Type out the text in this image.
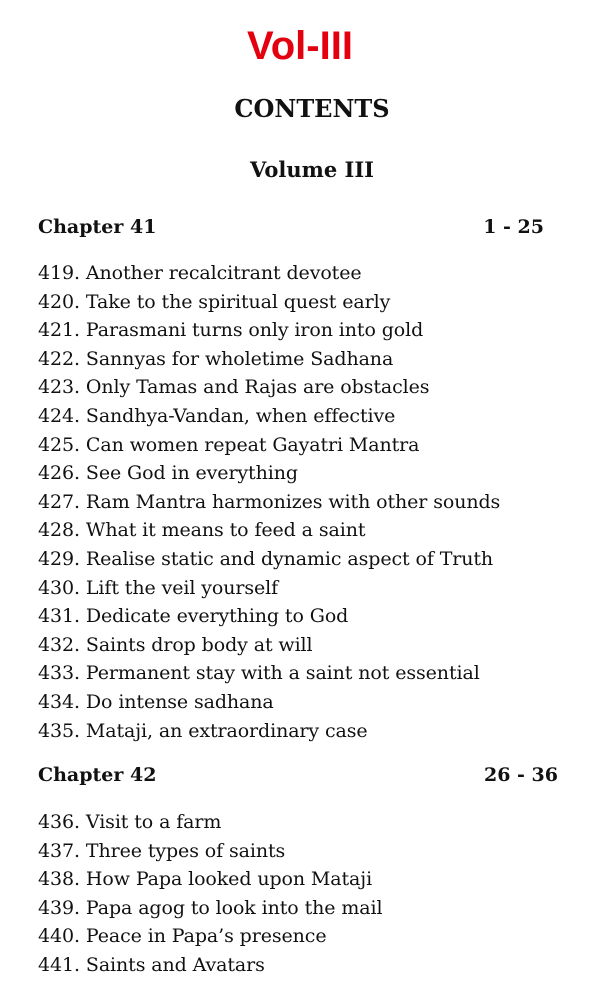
Vol-III
CONTENTS
Volume III
Chapter 41	1 - 25
419. Another recalcitrant devotee
420. Take to the spiritual quest early
421. Parasmani turns only iron into gold
422. Sannyas for wholetime Sadhana
423. Only Tamas and Rajas are obstacles
424. Sandhya-Vandan, when effective
425. Can women repeat Gayatri Mantra
426. See God in everything
427. Ram Mantra harmonizes with other sounds
428. What it means to feed a saint
429. Realise static and dynamic aspect of Truth
430. Lift the veil yourself
431. Dedicate everything to God
432. Saints drop body at will
433. Permanent stay with a saint not essential
434. Do intense sadhana
435. Mataji, an extraordinary case
Chapter 42	26 - 36
436. Visit to a farm
437. Three types of saints
438. How Papa looked upon Mataji
439. Papa agog to look into the mail
440. Peace in Papa’s presence
441. Saints and Avatars
